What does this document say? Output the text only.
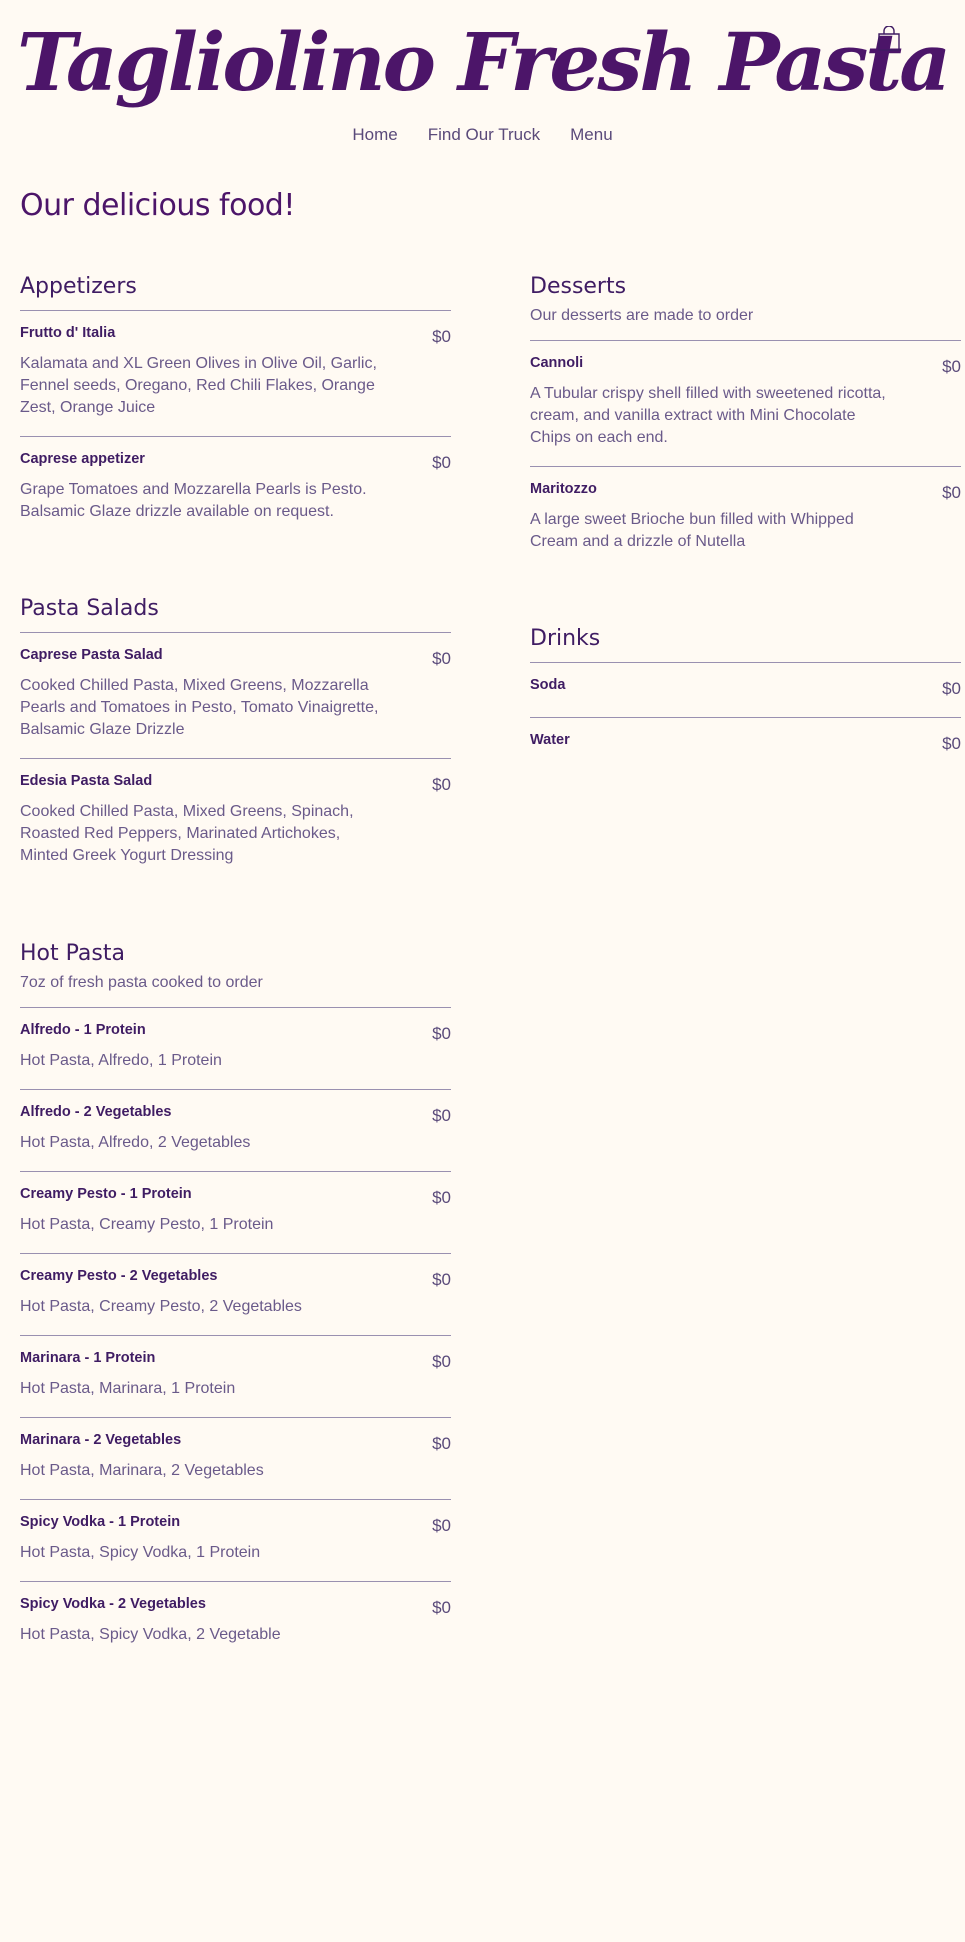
Tagliolino Fresh Pasta
Home	Find Our Truck	Menu
Our delicious food!
Appetizers
Frutto d' Italia	$0
Kalamata and XL Green Olives in Olive Oil, Garlic, Fennel seeds, Oregano, Red Chili Flakes, Orange Zest, Orange Juice
Caprese appetizer	$0
Grape Tomatoes and Mozzarella Pearls is Pesto. Balsamic Glaze drizzle available on request.
Desserts
Our desserts are made to order
Cannoli	$0
A Tubular crispy shell filled with sweetened ricotta, cream, and vanilla extract with Mini Chocolate Chips on each end.
Maritozzo	$0
A large sweet Brioche bun filled with Whipped Cream and a drizzle of Nutella
Pasta Salads
Caprese Pasta Salad	$0
Cooked Chilled Pasta, Mixed Greens, Mozzarella Pearls and Tomatoes in Pesto, Tomato Vinaigrette, Balsamic Glaze Drizzle
Edesia Pasta Salad	$0
Cooked Chilled Pasta, Mixed Greens, Spinach, Roasted Red Peppers, Marinated Artichokes, Minted Greek Yogurt Dressing
Drinks
Soda	$0
Water	$0
Hot Pasta
7oz of fresh pasta cooked to order
Alfredo - 1 Protein	$0
Hot Pasta, Alfredo, 1 Protein
Alfredo - 2 Vegetables	$0
Hot Pasta, Alfredo, 2 Vegetables
Creamy Pesto - 1 Protein	$0
Hot Pasta, Creamy Pesto, 1 Protein
Creamy Pesto - 2 Vegetables	$0
Hot Pasta, Creamy Pesto, 2 Vegetables
Marinara - 1 Protein	$0
Hot Pasta, Marinara, 1 Protein
Marinara - 2 Vegetables	$0
Hot Pasta, Marinara, 2 Vegetables
Spicy Vodka - 1 Protein	$0
Hot Pasta, Spicy Vodka, 1 Protein
Spicy Vodka - 2 Vegetables	$0
Hot Pasta, Spicy Vodka, 2 Vegetable
